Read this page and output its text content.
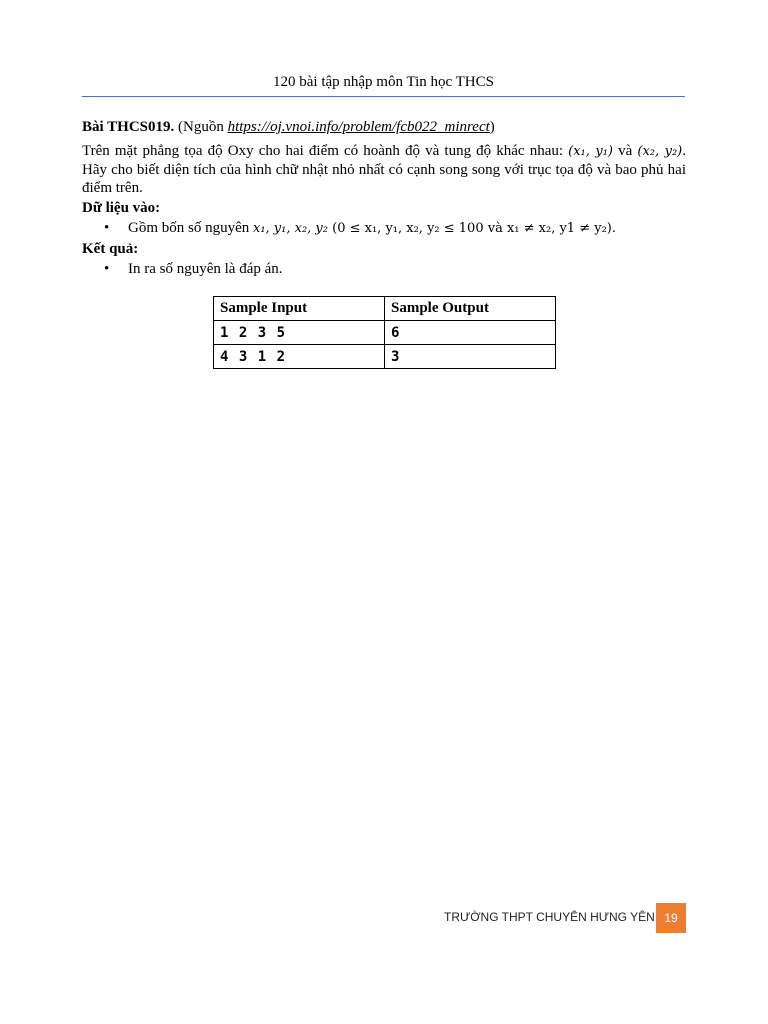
120 bài tập nhập môn Tin học THCS

Bài THCS019. (Nguồn https://oj.vnoi.info/problem/fcb022_minrect)

Trên mặt phẳng tọa độ Oxy cho hai điểm có hoành độ và tung độ khác nhau: (x₁, y₁) và (x₂, y₂). Hãy cho biết diện tích của hình chữ nhật nhỏ nhất có cạnh song song với trục tọa độ và bao phủ hai điểm trên.

Dữ liệu vào:

• Gồm bốn số nguyên x₁, y₁, x₂, y₂ (0 ≤ x₁, y₁, x₂, y₂ ≤ 100 và x₁ ≠ x₂, y1 ≠ y₂).

Kết quả:

• In ra số nguyên là đáp án.
Sample Input	Sample Output
1 2 3 5	6
4 3 1 2	3
TRƯỜNG THPT CHUYÊN HƯNG YÊN 19
